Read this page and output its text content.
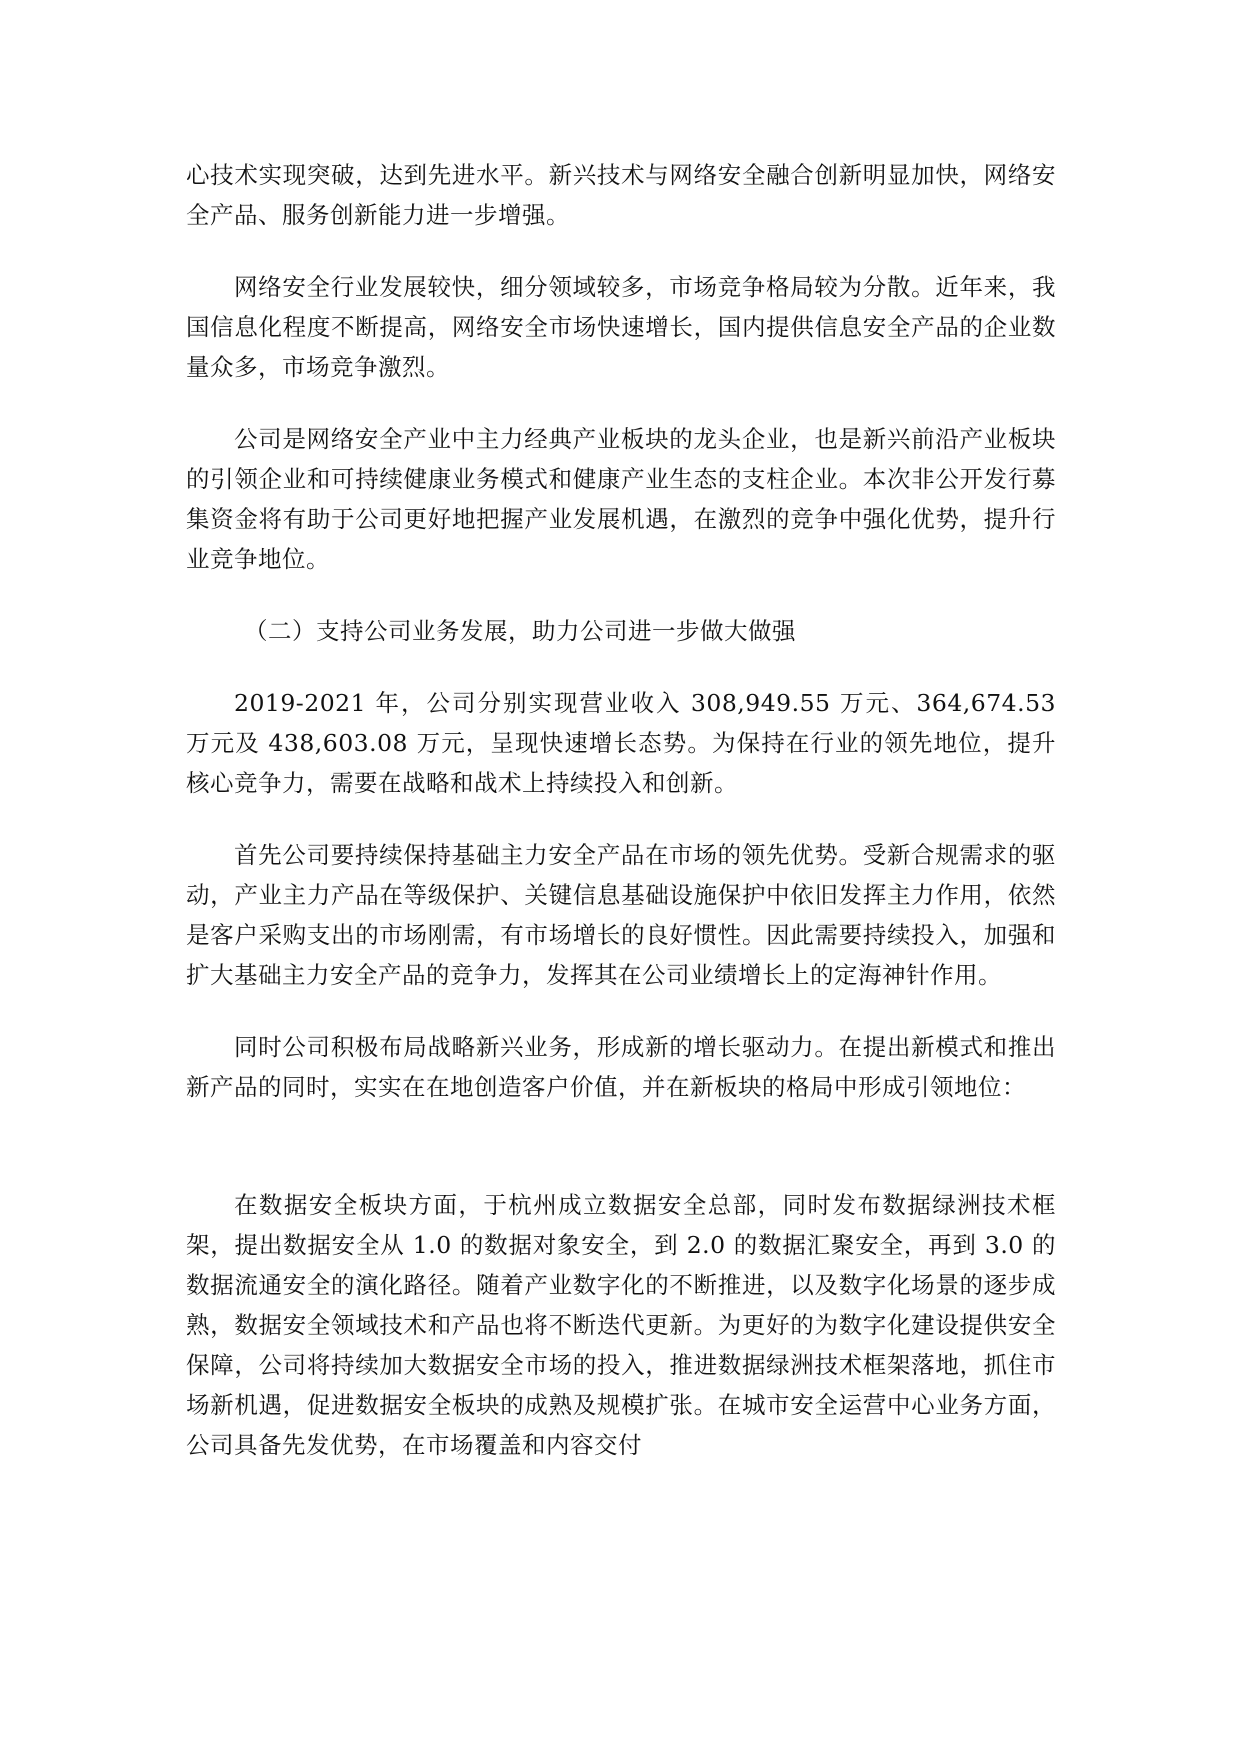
心技术实现突破，达到先进水平。新兴技术与网络安全融合创新明显加快，网络安全产品、服务创新能力进一步增强。

网络安全行业发展较快，细分领域较多，市场竞争格局较为分散。近年来，我国信息化程度不断提高，网络安全市场快速增长，国内提供信息安全产品的企业数量众多，市场竞争激烈。

公司是网络安全产业中主力经典产业板块的龙头企业，也是新兴前沿产业板块的引领企业和可持续健康业务模式和健康产业生态的支柱企业。本次非公开发行募集资金将有助于公司更好地把握产业发展机遇，在激烈的竞争中强化优势，提升行业竞争地位。

（二）支持公司业务发展，助力公司进一步做大做强

2019-2021 年，公司分别实现营业收入 308,949.55 万元、364,674.53 万元及 438,603.08 万元，呈现快速增长态势。为保持在行业的领先地位，提升核心竞争力，需要在战略和战术上持续投入和创新。

首先公司要持续保持基础主力安全产品在市场的领先优势。受新合规需求的驱动，产业主力产品在等级保护、关键信息基础设施保护中依旧发挥主力作用，依然是客户采购支出的市场刚需，有市场增长的良好惯性。因此需要持续投入，加强和扩大基础主力安全产品的竞争力，发挥其在公司业绩增长上的定海神针作用。

同时公司积极布局战略新兴业务，形成新的增长驱动力。在提出新模式和推出新产品的同时，实实在在地创造客户价值，并在新板块的格局中形成引领地位：

在数据安全板块方面，于杭州成立数据安全总部，同时发布数据绿洲技术框架，提出数据安全从 1.0 的数据对象安全，到 2.0 的数据汇聚安全，再到 3.0 的数据流通安全的演化路径。随着产业数字化的不断推进，以及数字化场景的逐步成熟，数据安全领域技术和产品也将不断迭代更新。为更好的为数字化建设提供安全保障，公司将持续加大数据安全市场的投入，推进数据绿洲技术框架落地，抓住市场新机遇，促进数据安全板块的成熟及规模扩张。在城市安全运营中心业务方面，公司具备先发优势，在市场覆盖和内容交付
